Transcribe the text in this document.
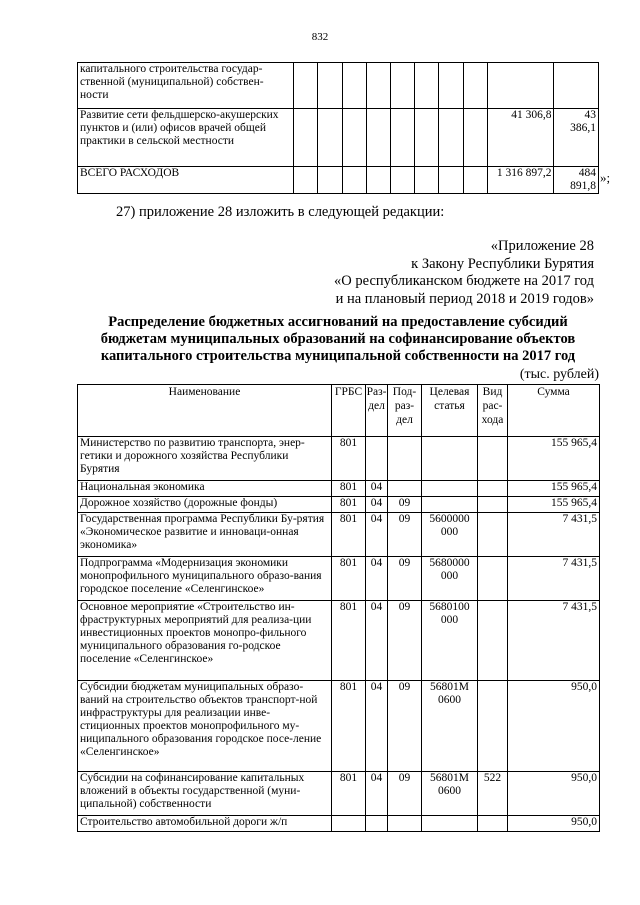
832
капитального строительства государ-ственной (муниципальной) собствен-ности										
Развитие сети фельдшерско-акушерских пунктов и (или) офисов врачей общей практики в сельской местности									41 306,8	43 386,1
ВСЕГО РАСХОДОВ									1 316 897,2	484 891,8
»;
27) приложение 28 изложить в следующей редакции:
«Приложение 28
к Закону Республики Бурятия
«О республиканском бюджете на 2017 год
и на плановый период 2018 и 2019 годов»
Распределение бюджетных ассигнований на предоставление субсидий
бюджетам муниципальных образований на софинансирование объектов
капитального строительства муниципальной собственности на 2017 год
(тыс. рублей)
Наименование	ГРБС	Раз-дел	Под-раз-дел	Целевая статья	Вид рас-хода	Сумма
Министерство по развитию транспорта, энер-гетики и дорожного хозяйства Республики Бурятия	801					155 965,4
Национальная экономика	801	04				155 965,4
Дорожное хозяйство (дорожные фонды)	801	04	09			155 965,4
Государственная программа Республики Бу-рятия «Экономическое развитие и инноваци-онная экономика»	801	04	09	5600000 000		7 431,5
Подпрограмма «Модернизация экономики монопрофильного муниципального образо-вания городское поселение «Селенгинское»	801	04	09	5680000 000		7 431,5
Основное мероприятие «Строительство ин-фраструктурных мероприятий для реализа-ции инвестиционных проектов монопро-фильного муниципального образования го-родское поселение «Селенгинское»	801	04	09	5680100 000		7 431,5
Субсидии бюджетам муниципальных образо-ваний на строительство объектов транспорт-ной инфраструктуры для реализации инве-стиционных проектов монопрофильного му-ниципального образования городское посе-ление «Селенгинское»	801	04	09	56801М 0600		950,0
Субсидии на софинансирование капитальных вложений в объекты государственной (муни-ципальной) собственности	801	04	09	56801М 0600	522	950,0
Строительство автомобильной дороги ж/п						950,0
